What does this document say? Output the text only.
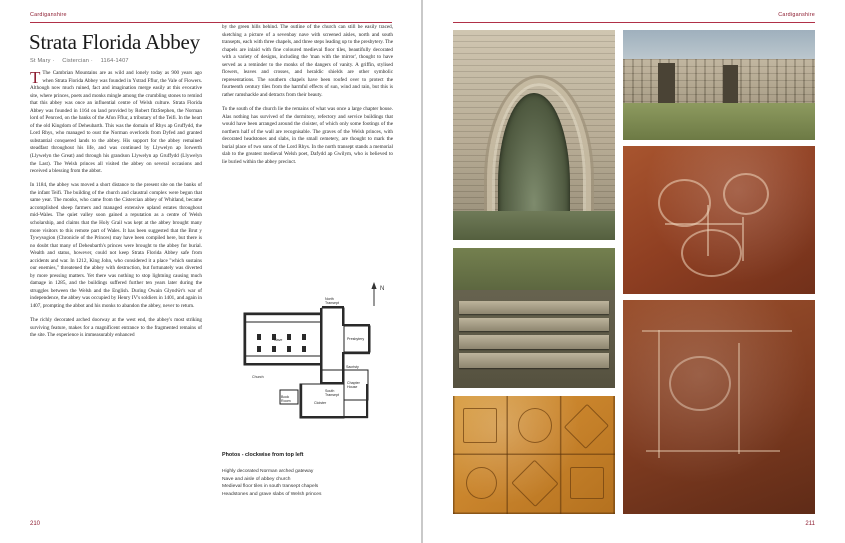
Cardiganshire
Strata Florida Abbey
St Mary · Cistercian · 1164-1407

T The Cambrian Mountains are as wild and lonely today as 900 years ago when Strata Florida Abbey was founded in Ystrad Fflur, the Vale of Flowers. Although now much ruined, fact and imagination merge easily at this evocative site, where princes, poets and monks mingle among the crumbling stones to remind that this abbey was once an influential centre of Welsh culture. Strata Florida Abbey was founded in 1164 on land provided by Robert fitzStephen, the Norman lord of Penrced, on the banks of the Afon Fflur, a tributary of the Teifi. In the heart of the old Kingdom of Deheubarth. This was the domain of Rhys ap Gruffydd, the Lord Rhys, who managed to oust the Norman overlords from Dyfed and granted substantial conquered lands to the abbey. His support for the abbey remained steadfast throughout his life, and was continued by Llywelyn ap Iorwerth (Llywelyn the Great) and through his grandson Llywelyn ap Gruffydd (Llywelyn the Last). The Welsh princes all visited the abbey on several occasions and received a blessing from the abbot.

In 1184, the abbey was moved a short distance to the present site on the banks of the infant Teifi. The building of the church and claustral complex were begun that same year. The monks, who came from the Cistercian abbey of Whitland, became accomplished sheep farmers and managed extensive upland estates throughout mid-Wales. The quiet valley soon gained a reputation as a centre of Welsh scholarship, and claims that the Holy Grail was kept at the abbey brought many more visitors to this remote part of Wales. It has been suggested that the Brut y Tywysogion (Chronicle of the Princes) may have been compiled here, but there is no doubt that many of Deheubarth's princes were brought to the abbey for burial. Wealth and status, however, could not keep Strata Florida Abbey safe from accidents and war. In 1212, King John, who considered it a place "which sustains our enemies," threatened the abbey with destruction, but fortunately was diverted by more pressing matters. Yet there was nothing to stop lightning causing much damage in 1285, and the buildings suffered further ten years later during the struggles between the Welsh and the English. During Owain Glyndŵr's war of independence, the abbey was occupied by Henry IV's soldiers in 1401, and again in 1407, prompting the abbot and his monks to abandon the abbey, never to return.

The richly decorated arched doorway at the west end, the abbey's most striking surviving feature, makes for a magnificent entrance to the fragmented remains of the site. The experience is immeasurably enhanced

by the green hills behind. The outline of the church can still be easily traced, sketching a picture of a sevenbay nave with screened aisles, north and south transepts, each with three chapels, and three steps leading up to the presbytery. The chapels are inlaid with fine coloured medieval floor tiles, beautifully decorated with a variety of designs, including the 'man with the mirror', thought to have served as a reminder to the monks of the dangers of vanity. A griffin, stylised flowers, leaves and crosses, and heraldic shields are other symbolic representations. The southern chapels have been roofed over to protect the fourteenth century tiles from the harmful effects of sun, wind and rain, but this is rather ramshackle and detracts from their beauty.

To the south of the church lie the remains of what was once a large chapter house. Alas nothing has survived of the dormitory, refectory and service buildings that would have been arranged around the cloister, of which only some footings of the northern half of the wall are recognisable. The graves of the Welsh princes, with decorated headstones and slabs, in the small cemetery, are thought to mark the burial place of two sons of the Lord Rhys. In the north transept stands a memorial slab to the greatest medieval Welsh poet, Dafydd ap Gwilym, who is believed to lie buried within the abbey precinct.

N
North
Transept
South
Transept
Nave	Presbytery
Cloister
Chapter
House
Book
Room
Sacristy
Church
210
Cardiganshire
211
Photos - clockwise from top left
Highly decorated Norman arched gateway
Nave and aisle of abbey church
Medieval floor tiles in south transept chapels
Headstones and grave slabs of Welsh princes
